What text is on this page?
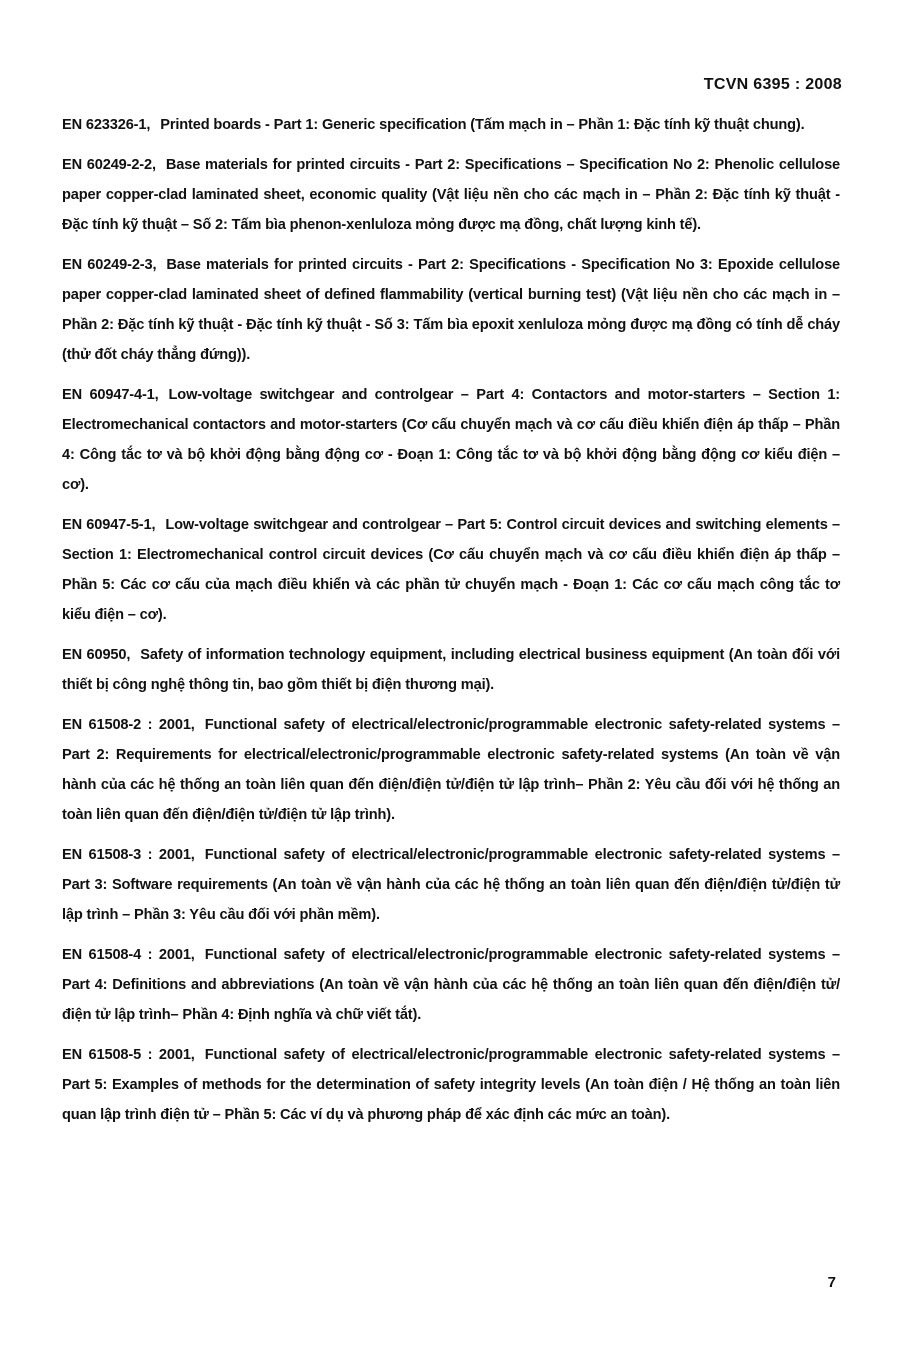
TCVN 6395 : 2008

EN 623326-1, Printed boards - Part 1: Generic specification (Tấm mạch in – Phần 1: Đặc tính kỹ thuật chung).

EN 60249-2-2, Base materials for printed circuits - Part 2: Specifications – Specification No 2: Phenolic cellulose paper copper-clad laminated sheet, economic quality (Vật liệu nền cho các mạch in – Phần 2: Đặc tính kỹ thuật - Đặc tính kỹ thuật – Số 2: Tấm bìa phenon-xenluloza mỏng được mạ đồng, chất lượng kinh tế).

EN 60249-2-3, Base materials for printed circuits - Part 2: Specifications - Specification No 3: Epoxide cellulose paper copper-clad laminated sheet of defined flammability (vertical burning test) (Vật liệu nền cho các mạch in – Phần 2: Đặc tính kỹ thuật - Đặc tính kỹ thuật - Số 3: Tấm bìa epoxit xenluloza mỏng được mạ đồng có tính dễ cháy (thử đốt cháy thẳng đứng)).

EN 60947-4-1, Low-voltage switchgear and controlgear – Part 4: Contactors and motor-starters – Section 1: Electromechanical contactors and motor-starters (Cơ cấu chuyển mạch và cơ cấu điều khiển điện áp thấp – Phần 4: Công tắc tơ và bộ khởi động bằng động cơ - Đoạn 1: Công tắc tơ và bộ khởi động bằng động cơ kiểu điện – cơ).

EN 60947-5-1, Low-voltage switchgear and controlgear – Part 5: Control circuit devices and switching elements – Section 1: Electromechanical control circuit devices (Cơ cấu chuyển mạch và cơ cấu điều khiển điện áp thấp – Phần 5: Các cơ cấu của mạch điều khiển và các phần tử chuyển mạch - Đoạn 1: Các cơ cấu mạch công tắc tơ kiểu điện – cơ).

EN 60950, Safety of information technology equipment, including electrical business equipment (An toàn đối với thiết bị công nghệ thông tin, bao gồm thiết bị điện thương mại).

EN 61508-2 : 2001, Functional safety of electrical/electronic/programmable electronic safety-related systems – Part 2: Requirements for electrical/electronic/programmable electronic safety-related systems (An toàn về vận hành của các hệ thống an toàn liên quan đến điện/điện tử/điện tử lập trình– Phần 2: Yêu cầu đối với hệ thống an toàn liên quan đến điện/điện tử/điện tử lập trình).

EN 61508-3 : 2001, Functional safety of electrical/electronic/programmable electronic safety-related systems – Part 3: Software requirements (An toàn về vận hành của các hệ thống an toàn liên quan đến điện/điện tử/điện tử lập trình – Phần 3: Yêu cầu đối với phần mềm).

EN 61508-4 : 2001, Functional safety of electrical/electronic/programmable electronic safety-related systems – Part 4: Definitions and abbreviations (An toàn về vận hành của các hệ thống an toàn liên quan đến điện/điện tử/điện tử lập trình– Phần 4: Định nghĩa và chữ viết tắt).

EN 61508-5 : 2001, Functional safety of electrical/electronic/programmable electronic safety-related systems – Part 5: Examples of methods for the determination of safety integrity levels (An toàn điện / Hệ thống an toàn liên quan lập trình điện tử – Phần 5: Các ví dụ và phương pháp để xác định các mức an toàn).

7
